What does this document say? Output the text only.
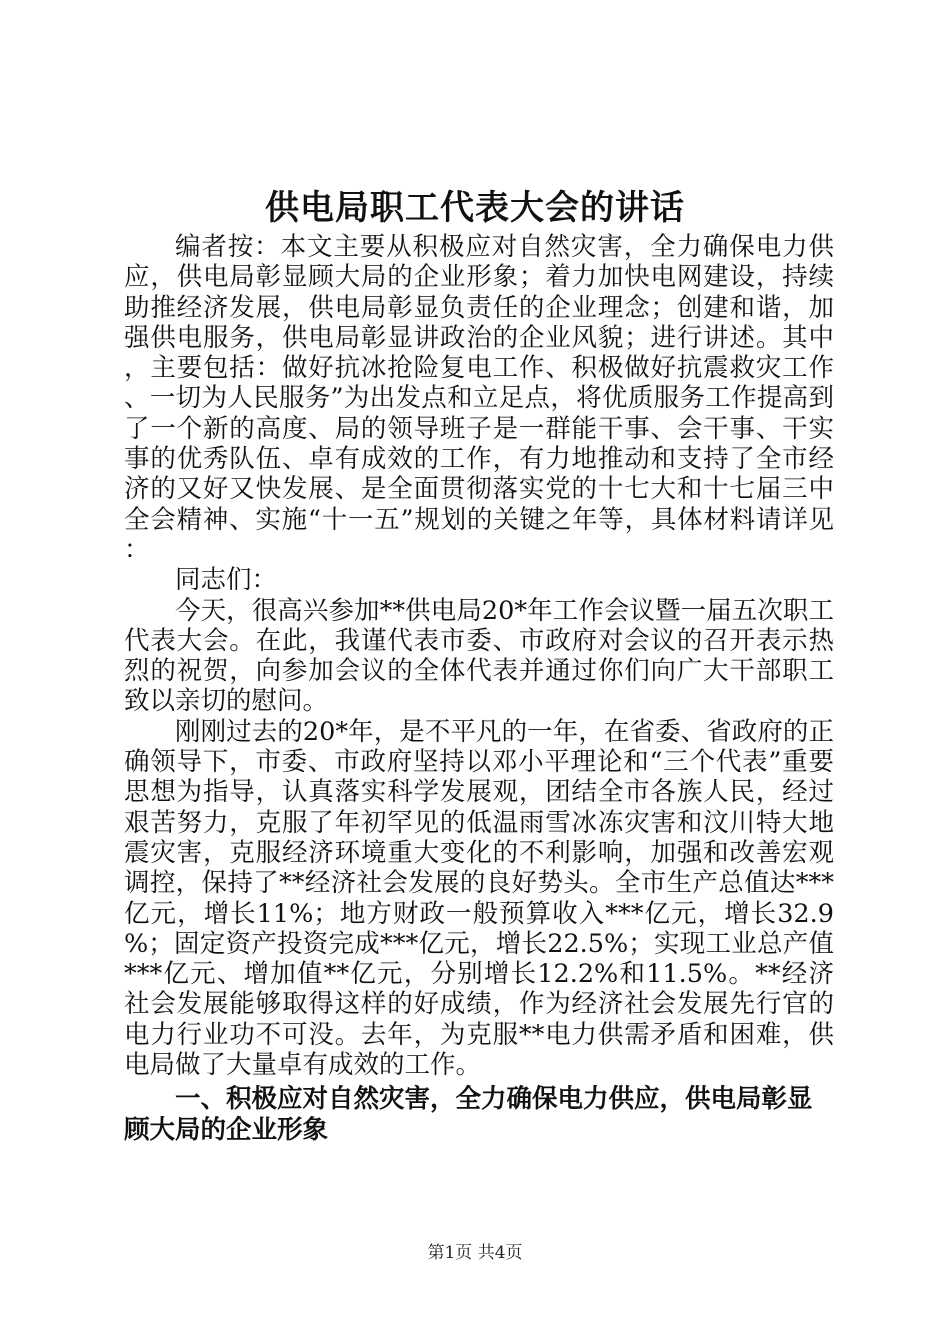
供电局职工代表大会的讲话

编者按：本文主要从积极应对自然灾害，全力确保电力供应，供电局彰显顾大局的企业形象；着力加快电网建设，持续助推经济发展，供电局彰显负责任的企业理念；创建和谐，加强供电服务，供电局彰显讲政治的企业风貌；进行讲述。其中，主要包括：做好抗冰抢险复电工作、积极做好抗震救灾工作、一切为人民服务”为出发点和立足点，将优质服务工作提高到了一个新的高度、局的领导班子是一群能干事、会干事、干实事的优秀队伍、卓有成效的工作，有力地推动和支持了全市经济的又好又快发展、是全面贯彻落实党的十七大和十七届三中全会精神、实施“十一五”规划的关键之年等，具体材料请详见：

同志们：

今天，很高兴参加**供电局20*年工作会议暨一届五次职工代表大会。在此，我谨代表市委、市政府对会议的召开表示热烈的祝贺，向参加会议的全体代表并通过你们向广大干部职工致以亲切的慰问。

刚刚过去的20*年，是不平凡的一年，在省委、省政府的正确领导下，市委、市政府坚持以邓小平理论和“三个代表”重要思想为指导，认真落实科学发展观，团结全市各族人民，经过艰苦努力，克服了年初罕见的低温雨雪冰冻灾害和汶川特大地震灾害，克服经济环境重大变化的不利影响，加强和改善宏观调控，保持了**经济社会发展的良好势头。全市生产总值达***亿元，增长11%；地方财政一般预算收入***亿元，增长32.9%；固定资产投资完成***亿元，增长22.5%；实现工业总产值***亿元、增加值**亿元，分别增长12.2%和11.5%。**经济社会发展能够取得这样的好成绩，作为经济社会发展先行官的电力行业功不可没。去年，为克服**电力供需矛盾和困难，供电局做了大量卓有成效的工作。

一、积极应对自然灾害，全力确保电力供应，供电局彰显顾大局的企业形象

第1页 共4页
